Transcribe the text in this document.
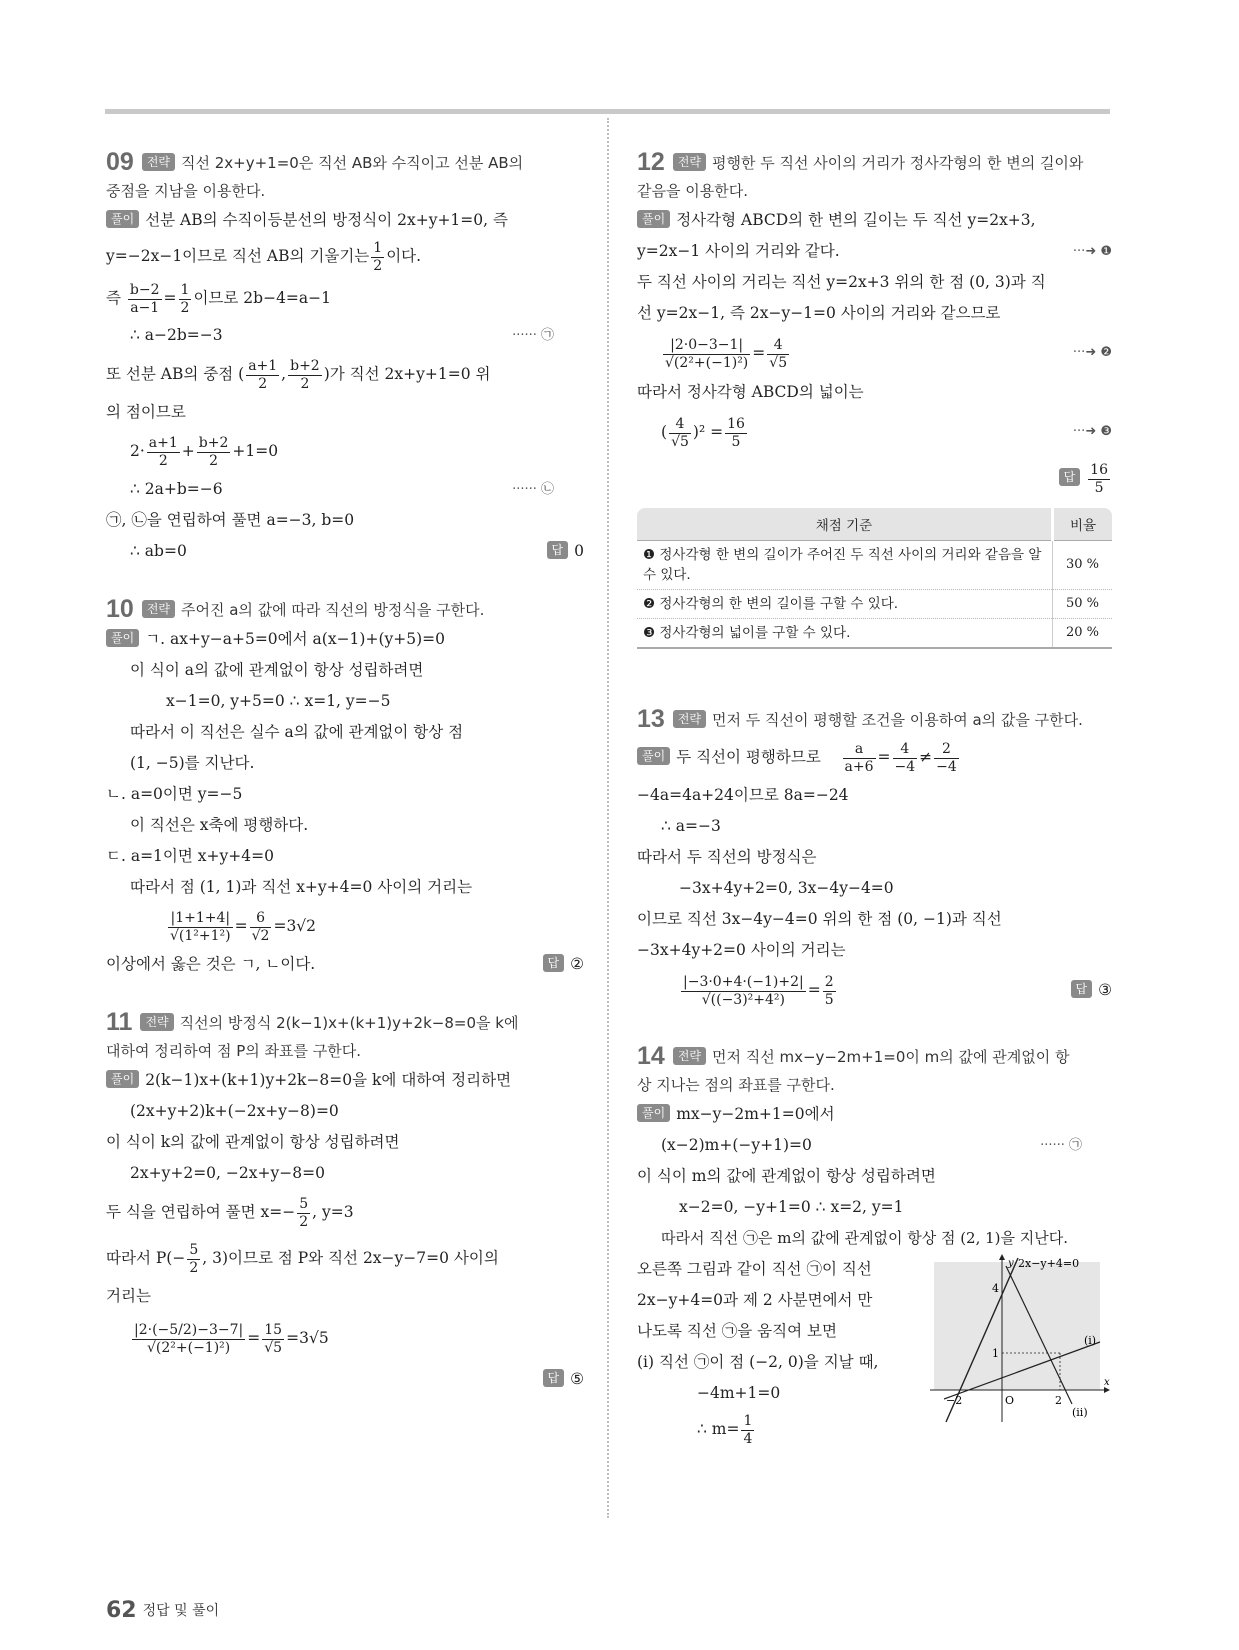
09 전략 직선 2x+y+1=0은 직선 AB와 수직이고 선분 AB의
중점을 지남을 이용한다.
풀이 선분 AB의 수직이등분선의 방정식이 2x+y+1=0, 즉
y=−2x−1이므로 직선 AB의 기울기는 $\frac{1}{2}$ 이다.
즉 $\frac{b-2}{a-1} = \frac{1}{2}$ 이므로 2b−4=a−1
∴ a−2b=−3	······ ㉠
또 선분 AB의 중점 ( $\frac{a+1}{2}$ , $\frac{b+2}{2}$ )가 직선 2x+y+1=0 위
의 점이므로
$2\cdot \frac{a+1}{2} + \frac{b+2}{2} +1=0$
∴ 2a+b=−6	······ ㉡
㉠, ㉡을 연립하여 풀면 a=−3, b=0
∴ ab=0	답 0
10 전략 주어진 a의 값에 따라 직선의 방정식을 구한다.
풀이 ㄱ. ax+y−a+5=0에서 a(x−1)+(y+5)=0
이 식이 a의 값에 관계없이 항상 성립하려면
x−1=0, y+5=0 ∴ x=1, y=−5
따라서 이 직선은 실수 a의 값에 관계없이 항상 점
(1, −5)를 지난다.
ㄴ. a=0이면 y=−5
이 직선은 x축에 평행하다.
ㄷ. a=1이면 x+y+4=0
따라서 점 (1, 1)과 직선 x+y+4=0 사이의 거리는
$\frac{|1+1+4|}{\text{√(1²+1²)}} = \frac{6}{√2} =3√2$
이상에서 옳은 것은 ㄱ, ㄴ이다.	답 ②
11 전략 직선의 방정식 2(k−1)x+(k+1)y+2k−8=0을 k에
대하여 정리하여 점 P의 좌표를 구한다.
풀이 2(k−1)x+(k+1)y+2k−8=0을 k에 대하여 정리하면
(2x+y+2)k+(−2x+y−8)=0
이 식이 k의 값에 관계없이 항상 성립하려면
2x+y+2=0, −2x+y−8=0
두 식을 연립하여 풀면 $x=- \frac{5}{2}$ , y=3
따라서 $P(- \frac{5}{2}$ , 3)이므로 점 P와 직선 2x−y−7=0 사이의
거리는
$\frac{|2\cdot(-5/2)-3-7|}{\text{√(2²+(−1)²)}} = \frac{15}{√5} =3√5$
답 ⑤
12 전략 평행한 두 직선 사이의 거리가 정사각형의 한 변의 길이와
같음을 이용한다.
풀이 정사각형 ABCD의 한 변의 길이는 두 직선 y=2x+3,
y=2x−1 사이의 거리와 같다.	···➜ ❶
두 직선 사이의 거리는 직선 y=2x+3 위의 한 점 (0, 3)과 직
선 y=2x−1, 즉 2x−y−1=0 사이의 거리와 같으므로
$\frac{|2\cdot 0-3-1|}{\text{√(2²+(−1)²)}} = \frac{4}{√5}$	···➜ ❷
따라서 정사각형 ABCD의 넓이는
( $\frac{4}{√5} )^2 = \frac{16}{5}$	···➜ ❸
답 $\frac{16}{5}$
채점 기준	비율
❶ 정사각형 한 변의 길이가 주어진 두 직선 사이의 거리와 같음을 알 수 있다.	30 %
❷ 정사각형의 한 변의 길이를 구할 수 있다.	50 %
❸ 정사각형의 넓이를 구할 수 있다.	20 %
13 전략 먼저 두 직선이 평행할 조건을 이용하여 a의 값을 구한다.
풀이 두 직선이 평행하므로 $\frac{a}{a+6} = \frac{4}{-4} \ne \frac{2}{-4}$
−4a=4a+24이므로 8a=−24
∴ a=−3
따라서 두 직선의 방정식은
−3x+4y+2=0, 3x−4y−4=0
이므로 직선 3x−4y−4=0 위의 한 점 (0, −1)과 직선
−3x+4y+2=0 사이의 거리는
$\frac{|-3\cdot 0+4\cdot(-1)+2|}{\text{√((−3)²+4²)}} = \frac{2}{5}$	답 ③
14 전략 먼저 직선 mx−y−2m+1=0이 m의 값에 관계없이 항
상 지나는 점의 좌표를 구한다.
풀이 mx−y−2m+1=0에서
(x−2)m+(−y+1)=0	······ ㉠
이 식이 m의 값에 관계없이 항상 성립하려면
x−2=0, −y+1=0 ∴ x=2, y=1
따라서 직선 ㉠은 m의 값에 관계없이 항상 점 (2, 1)을 지난다.
오른쪽 그림과 같이 직선 ㉠이 직선
2x−y+4=0과 제 2 사분면에서 만
나도록 직선 ㉠을 움직여 보면
(i) 직선 ㉠이 점 (−2, 0)을 지날 때,
−4m+1=0
∴ $m= \frac{1}{4}$
y 2x−y+4=0
x
O
−2	2
4
1
(i)
(ii)
62 정답 및 풀이
